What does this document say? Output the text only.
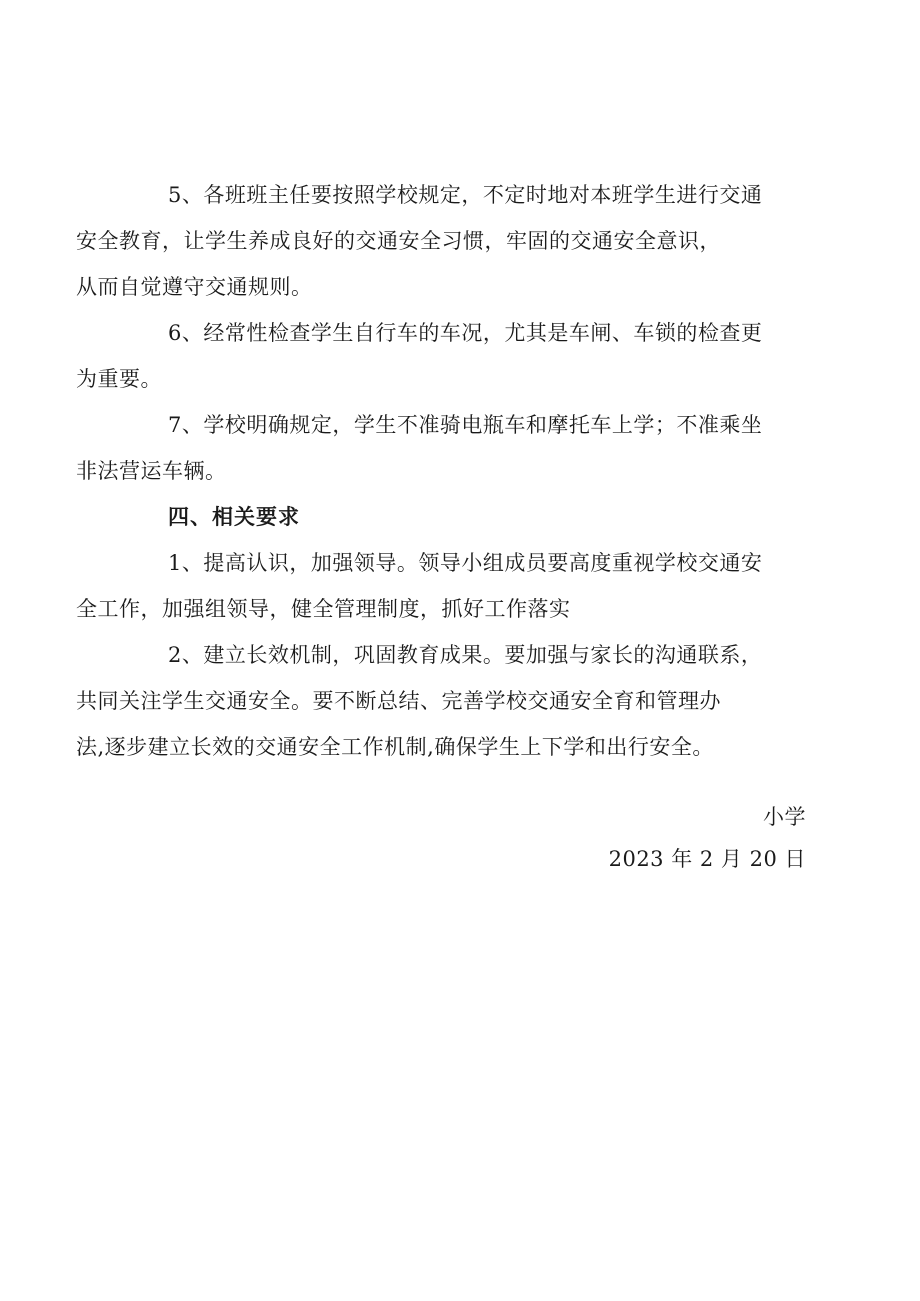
5、各班班主任要按照学校规定，不定时地对本班学生进行交通
安全教育，让学生养成良好的交通安全习惯，牢固的交通安全意识，
从而自觉遵守交通规则。

6、经常性检查学生自行车的车况，尤其是车闸、车锁的检查更
为重要。

7、学校明确规定，学生不准骑电瓶车和摩托车上学；不准乘坐
非法营运车辆。

四、相关要求

1、提高认识，加强领导。领导小组成员要高度重视学校交通安
全工作，加强组领导，健全管理制度，抓好工作落实

2、建立长效机制，巩固教育成果。要加强与家长的沟通联系，
共同关注学生交通安全。要不断总结、完善学校交通安全育和管理办
法,逐步建立长效的交通安全工作机制,确保学生上下学和出行安全。

小学
2023 年 2 月 20 日
